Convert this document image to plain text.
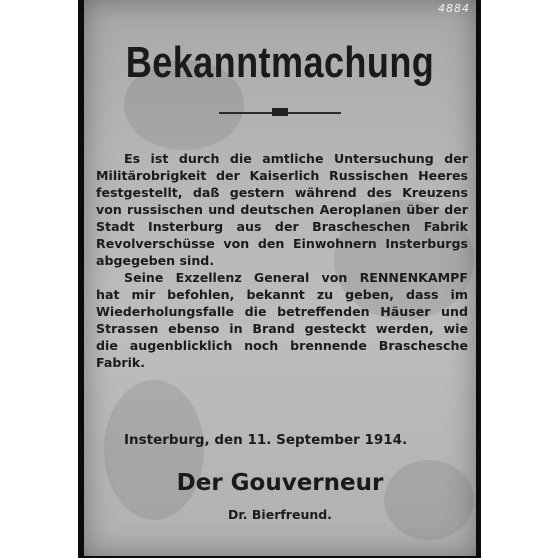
4884
Bekanntmachung
Es ist durch die amtliche Untersuchung der
Militärobrigkeit der Kaiserlich Russischen Heeres
festgestellt, daß gestern während des Kreuzens
von russischen und deutschen Aeroplanen über der
Stadt Insterburg aus der Brascheschen Fabrik
Revolverschüsse von den Einwohnern Insterburgs
abgegeben sind.
Seine Exzellenz General von RENNENKAMPF
hat mir befohlen, bekannt zu geben, dass im
Wiederholungsfalle die betreffenden Häuser und
Strassen ebenso in Brand gesteckt werden, wie
die augenblicklich noch brennende Braschesche
Fabrik.
Insterburg, den 11. September 1914.
Der Gouverneur
Dr. Bierfreund.
